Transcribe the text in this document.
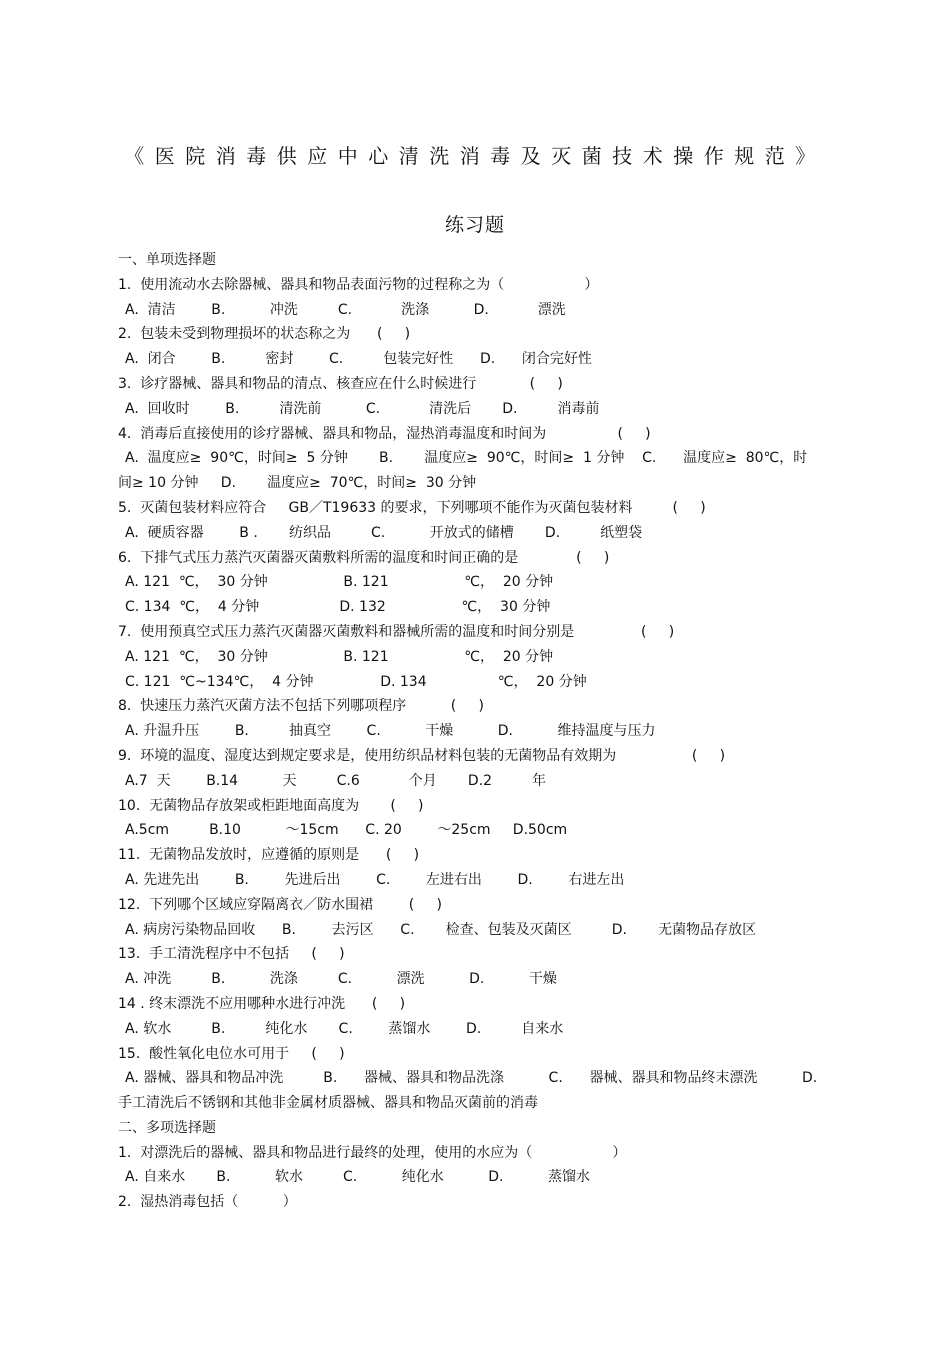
《医院消毒供应中心清洗消毒及灭菌技术操作规范》
练习题
一、单项选择题
1.  使用流动水去除器械、器具和物品表面污物的过程称之为（                  ）
A.  清洁        B.          冲洗         C.           洗涤          D.           漂洗
2.  包装未受到物理损坏的状态称之为      (     )
A.  闭合        B.         密封        C.         包装完好性      D.      闭合完好性
3.  诊疗器械、器具和物品的清点、核查应在什么时候进行            (     )
A.  回收时        B.         清洗前          C.           清洗后       D.         消毒前
4.  消毒后直接使用的诊疗器械、器具和物品，湿热消毒温度和时间为                (     )
A.  温度应≥  90℃，时间≥  5 分钟       B.       温度应≥  90℃，时间≥  1 分钟    C.      温度应≥  80℃，时
间≥ 10 分钟     D.       温度应≥  70℃，时间≥  30 分钟
5.  灭菌包装材料应符合     GB／T19633 的要求，下列哪项不能作为灭菌包装材料         (     )
A.  硬质容器        B .       纺织品         C.          开放式的储槽       D.         纸塑袋
6.  下排气式压力蒸汽灭菌器灭菌敷料所需的温度和时间正确的是             (     )
A. 121  ℃，  30 分钟                 B. 121                 ℃，  20 分钟
C. 134  ℃，  4 分钟                  D. 132                 ℃，  30 分钟
7.  使用预真空式压力蒸汽灭菌器灭菌敷料和器械所需的温度和时间分别是               (     )
A. 121  ℃，  30 分钟                 B. 121                 ℃，  20 分钟
C. 121  ℃~134℃，  4 分钟               D. 134                ℃，  20 分钟
8.  快速压力蒸汽灭菌方法不包括下列哪项程序          (     )
A. 升温升压        B.         抽真空        C.          干燥          D.          维持温度与压力
9.  环境的温度、湿度达到规定要求是，使用纺织品材料包装的无菌物品有效期为                 (     )
A.7  天        B.14          天         C.6           个月       D.2         年
10.  无菌物品存放架或柜距地面高度为       (     )
A.5cm         B.10          ～15cm      C. 20        ～25cm     D.50cm
11.  无菌物品发放时，应遵循的原则是      (     )
A. 先进先出        B.        先进后出        C.        左进右出        D.        右进左出
12.  下列哪个区域应穿隔离衣／防水围裙        (     )
A. 病房污染物品回收      B.        去污区      C.       检查、包装及灭菌区         D.       无菌物品存放区
13.  手工清洗程序中不包括     (     )
A. 冲洗         B.          洗涤         C.          漂洗          D.          干燥
14 . 终末漂洗不应用哪种水进行冲洗      (     )
A. 软水         B.         纯化水       C.        蒸馏水        D.         自来水
15.  酸性氧化电位水可用于     (     )
A. 器械、器具和物品冲洗         B.      器械、器具和物品洗涤          C.      器械、器具和物品终末漂洗          D.
手工清洗后不锈钢和其他非金属材质器械、器具和物品灭菌前的消毒
二、多项选择题
1.  对漂洗后的器械、器具和物品进行最终的处理，使用的水应为（                  ）
A. 自来水       B.          软水         C.          纯化水          D.          蒸馏水
2.  湿热消毒包括（          ）
